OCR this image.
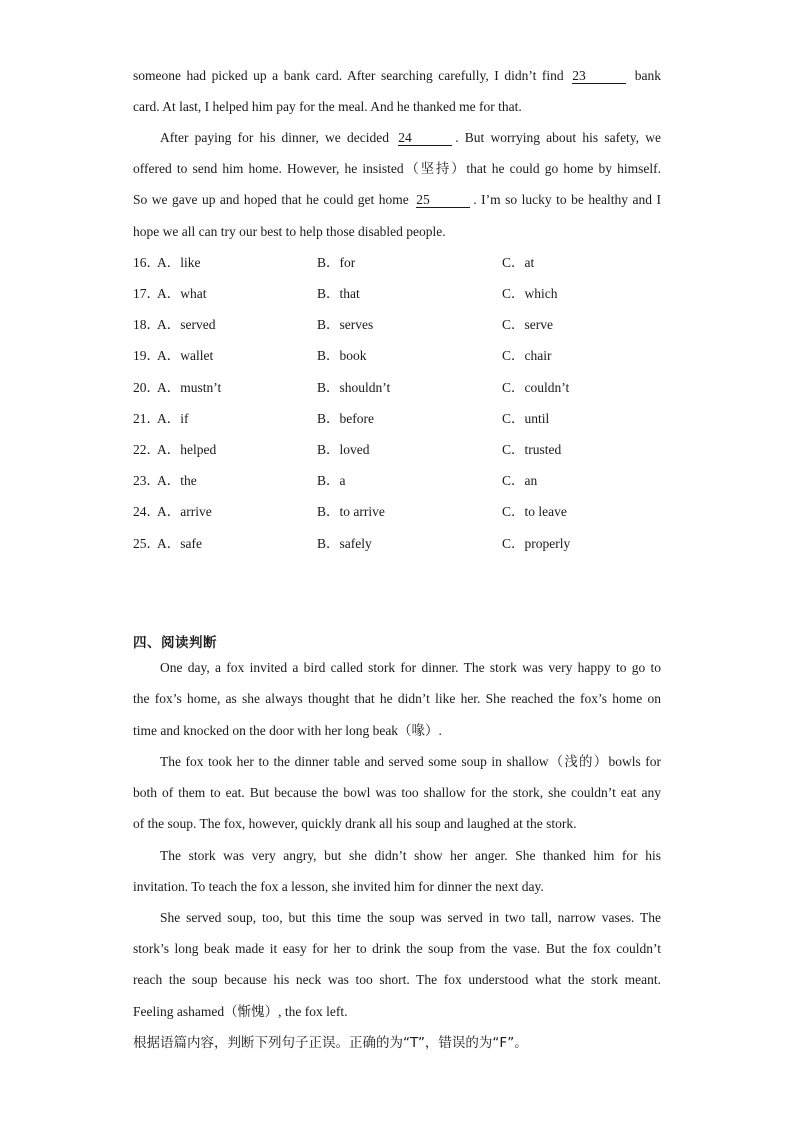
someone had picked up a bank card. After searching carefully, I didn’t find 23	bank
card. At last, I helped him pay for the meal. And he thanked me for that.
After paying for his dinner, we decided 24	. But worrying about his safety, we
offered to send him home. However, he insisted（坚持）that he could go home by himself.
So we gave up and hoped that he could get home 25	. I’m so lucky to be healthy and I
hope we all can try our best to help those disabled people.
16．
A．like	B．for	C．at
17．
A．what	B．that	C．which
18．
A．served	B．serves	C．serve
19．
A．wallet	B．book	C．chair
20．
A．mustn’t	B．shouldn’t	C．couldn’t
21．
A．if	B．before	C．until
22．
A．helped	B．loved	C．trusted
23．
A．the	B．a	C．an
24．
A．arrive	B．to arrive	C．to leave
25．
A．safe	B．safely	C．properly
四、阅读判断
One day, a fox invited a bird called stork for dinner. The stork was very happy to go to
the fox’s home, as she always thought that he didn’t like her. She reached the fox’s home on
time and knocked on the door with her long beak（喙）.
The fox took her to the dinner table and served some soup in shallow（浅的）bowls for
both of them to eat. But because the bowl was too shallow for the stork, she couldn’t eat any
of the soup. The fox, however, quickly drank all his soup and laughed at the stork.
The stork was very angry, but she didn’t show her anger. She thanked him for his
invitation. To teach the fox a lesson, she invited him for dinner the next day.
She served soup, too, but this time the soup was served in two tall, narrow vases. The
stork’s long beak made it easy for her to drink the soup from the vase. But the fox couldn’t
reach the soup because his neck was too short. The fox understood what the stork meant.
Feeling ashamed（惭愧）, the fox left.
根据语篇内容，判断下列句子正误。正确的为“T”，错误的为“F”。
